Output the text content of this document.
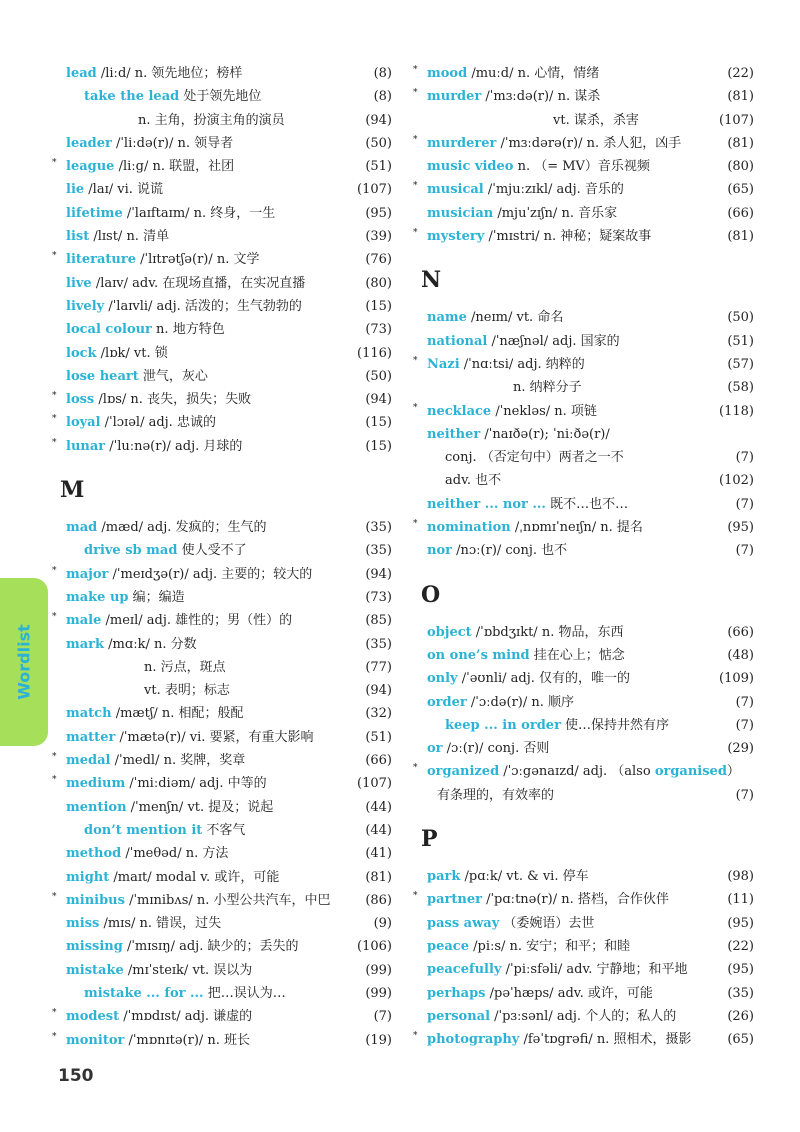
Wordlist
lead /liːd/ n. 领先地位；榜样	(8)
take the lead 处于领先地位	(8)
n. 主角，扮演主角的演员	(94)
leader /ˈliːdə(r)/ n. 领导者	(50)
* league /liːg/ n. 联盟，社团	(51)
lie /laɪ/ vi. 说谎	(107)
lifetime /ˈlaɪftaɪm/ n. 终身，一生	(95)
list /lɪst/ n. 清单	(39)
* literature /ˈlɪtrətʃə(r)/ n. 文学	(76)
live /laɪv/ adv. 在现场直播，在实况直播	(80)
lively /ˈlaɪvli/ adj. 活泼的；生气勃勃的	(15)
local colour n. 地方特色	(73)
lock /lɒk/ vt. 锁	(116)
lose heart 泄气，灰心	(50)
* loss /lɒs/ n. 丧失，损失；失败	(94)
* loyal /ˈlɔɪəl/ adj. 忠诚的	(15)
* lunar /ˈluːnə(r)/ adj. 月球的	(15)
M
mad /mæd/ adj. 发疯的；生气的	(35)
drive sb mad 使人受不了	(35)
* major /ˈmeɪdʒə(r)/ adj. 主要的；较大的	(94)
make up 编；编造	(73)
* male /meɪl/ adj. 雄性的；男（性）的	(85)
mark /mɑːk/ n. 分数	(35)
n. 污点，斑点	(77)
vt. 表明；标志	(94)
match /mætʃ/ n. 相配；般配	(32)
matter /ˈmætə(r)/ vi. 要紧，有重大影响	(51)
* medal /ˈmedl/ n. 奖牌，奖章	(66)
* medium /ˈmiːdiəm/ adj. 中等的	(107)
mention /ˈmenʃn/ vt. 提及；说起	(44)
don’t mention it 不客气	(44)
method /ˈmeθəd/ n. 方法	(41)
might /maɪt/ modal v. 或许，可能	(81)
* minibus /ˈmɪnibʌs/ n. 小型公共汽车，中巴	(86)
miss /mɪs/ n. 错误，过失	(9)
missing /ˈmɪsɪŋ/ adj. 缺少的；丢失的	(106)
mistake /mɪˈsteɪk/ vt. 误以为	(99)
mistake ... for ... 把…误认为…	(99)
* modest /ˈmɒdɪst/ adj. 谦虚的	(7)
* monitor /ˈmɒnɪtə(r)/ n. 班长	(19)
* mood /muːd/ n. 心情，情绪	(22)
* murder /ˈmɜːdə(r)/ n. 谋杀	(81)
vt. 谋杀，杀害	(107)
* murderer /ˈmɜːdərə(r)/ n. 杀人犯，凶手	(81)
music video n. （= MV）音乐视频	(80)
* musical /ˈmjuːzɪkl/ adj. 音乐的	(65)
musician /mjuˈzɪʃn/ n. 音乐家	(66)
* mystery /ˈmɪstri/ n. 神秘；疑案故事	(81)
N
name /neɪm/ vt. 命名	(50)
national /ˈnæʃnəl/ adj. 国家的	(51)
* Nazi /ˈnɑːtsi/ adj. 纳粹的	(57)
n. 纳粹分子	(58)
* necklace /ˈnekləs/ n. 项链	(118)
neither /ˈnaɪðə(r); ˈniːðə(r)/
conj. （否定句中）两者之一不	(7)
adv. 也不	(102)
neither ... nor ... 既不…也不…	(7)
* nomination /ˌnɒmɪˈneɪʃn/ n. 提名	(95)
nor /nɔː(r)/ conj. 也不	(7)
O
object /ˈɒbdʒɪkt/ n. 物品，东西	(66)
on one’s mind 挂在心上；惦念	(48)
only /ˈəʊnli/ adj. 仅有的，唯一的	(109)
order /ˈɔːdə(r)/ n. 顺序	(7)
keep ... in order 使…保持井然有序	(7)
or /ɔː(r)/ conj. 否则	(29)
* organized /ˈɔːgənaɪzd/ adj. （also organised）
有条理的，有效率的	(7)
P
park /pɑːk/ vt. & vi. 停车	(98)
* partner /ˈpɑːtnə(r)/ n. 搭档，合作伙伴	(11)
pass away （委婉语）去世	(95)
peace /piːs/ n. 安宁；和平；和睦	(22)
peacefully /ˈpiːsfəli/ adv. 宁静地；和平地	(95)
perhaps /pəˈhæps/ adv. 或许，可能	(35)
personal /ˈpɜːsənl/ adj. 个人的；私人的	(26)
* photography /fəˈtɒgrəfi/ n. 照相术，摄影	(65)
150
